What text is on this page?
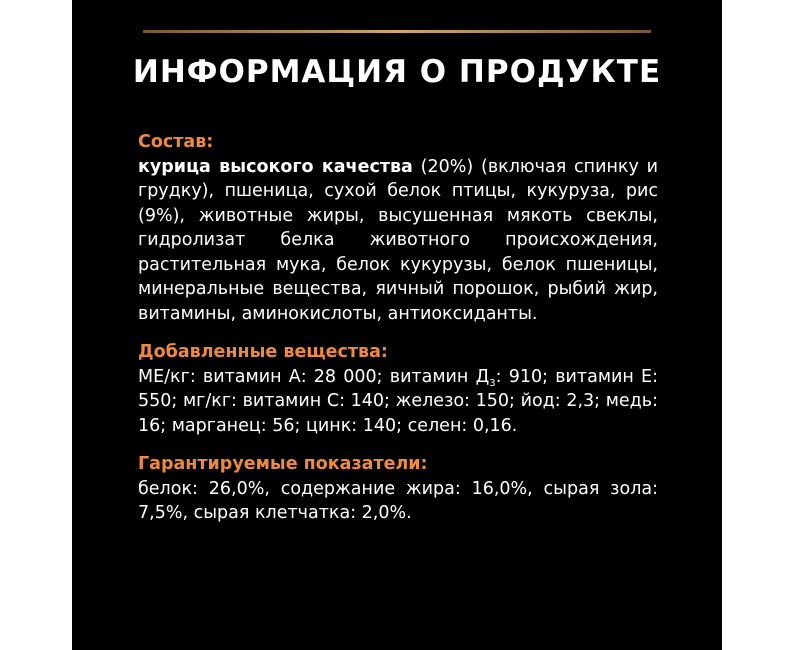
ИНФОРМАЦИЯ О ПРОДУКТЕ
Состав:

курица высокого качества (20%) (включая спинку и грудку), пшеница, сухой белок птицы, кукуруза, рис (9%), животные жиры, высушенная мякоть свеклы, гидролизат белка животного происхождения, растительная мука, белок кукурузы, белок пшеницы, минеральные вещества, яичный порошок, рыбий жир, витамины, аминокислоты, антиоксиданты.

Добавленные вещества:

МЕ/кг: витамин А: 28 000; витамин $Д_3$: 910; витамин Е: 550; мг/кг: витамин С: 140; железо: 150; йод: 2,3; медь: 16; марганец: 56; цинк: 140; селен: 0,16.

Гарантируемые показатели:

белок: 26,0%, содержание жира: 16,0%, сырая зола: 7,5%, сырая клетчатка: 2,0%.
